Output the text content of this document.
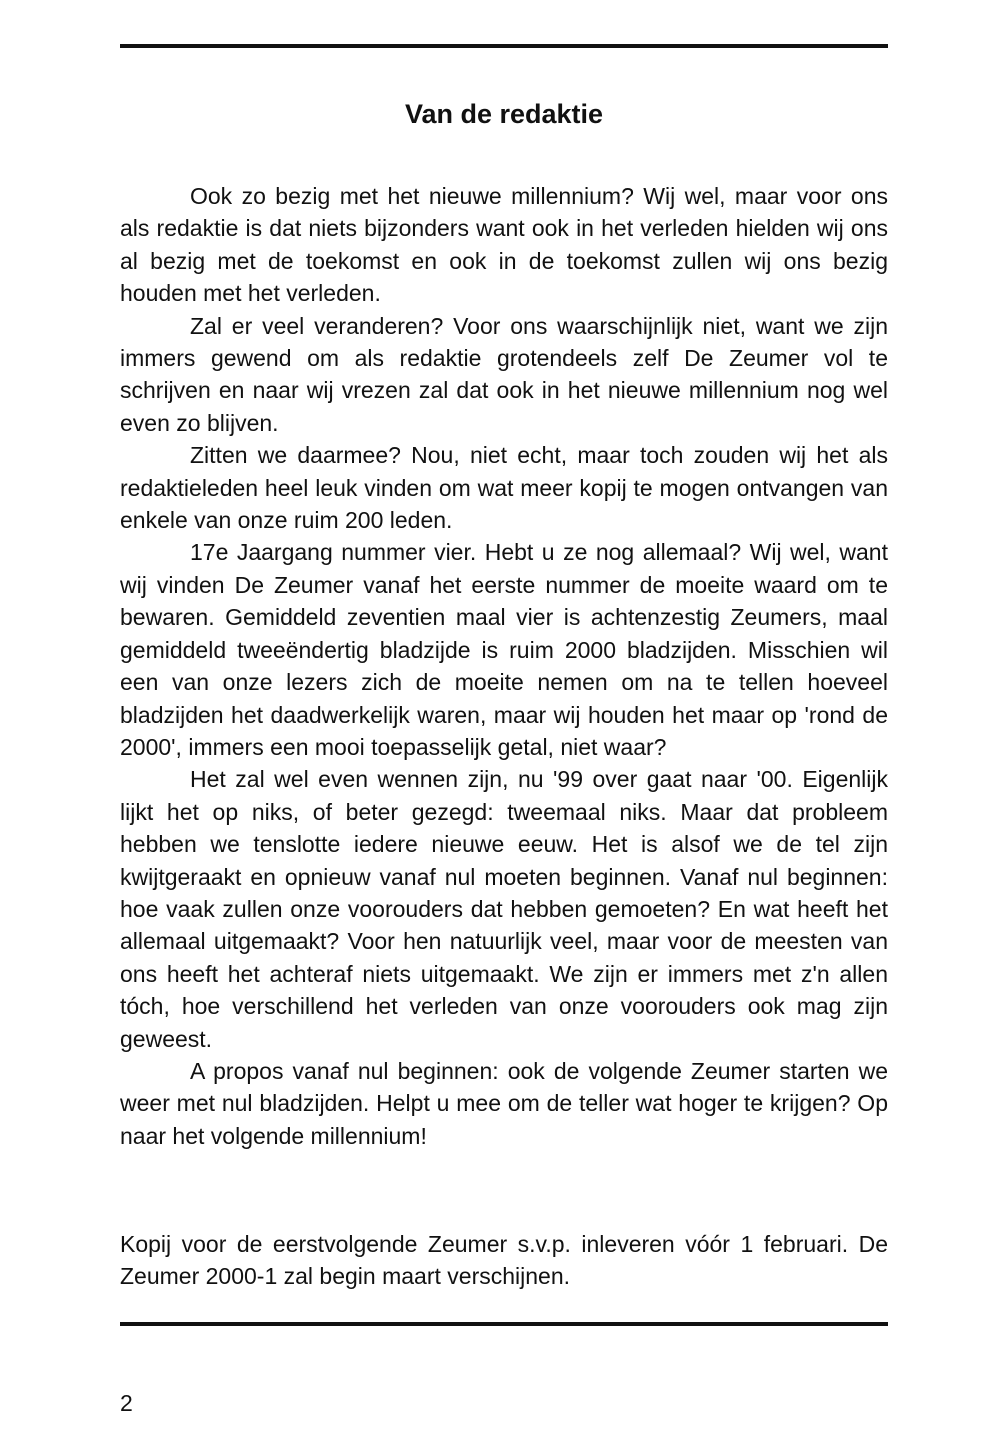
Van de redaktie

Ook zo bezig met het nieuwe millennium? Wij wel, maar voor ons als redaktie is dat niets bijzonders want ook in het verleden hielden wij ons al bezig met de toekomst en ook in de toekomst zullen wij ons bezig houden met het verleden.

Zal er veel veranderen? Voor ons waarschijnlijk niet, want we zijn immers gewend om als redaktie grotendeels zelf De Zeumer vol te schrijven en naar wij vrezen zal dat ook in het nieuwe millennium nog wel even zo blijven.

Zitten we daarmee? Nou, niet echt, maar toch zouden wij het als redaktieleden heel leuk vinden om wat meer kopij te mogen ontvangen van enkele van onze ruim 200 leden.

17e Jaargang nummer vier. Hebt u ze nog allemaal? Wij wel, want wij vinden De Zeumer vanaf het eerste nummer de moeite waard om te bewaren. Gemiddeld zeventien maal vier is achtenzestig Zeumers, maal gemiddeld tweeëndertig bladzijde is ruim 2000 bladzijden. Misschien wil een van onze lezers zich de moeite nemen om na te tellen hoeveel bladzijden het daadwerkelijk waren, maar wij houden het maar op 'rond de 2000', immers een mooi toepasselijk getal, niet waar?

Het zal wel even wennen zijn, nu '99 over gaat naar '00. Eigenlijk lijkt het op niks, of beter gezegd: tweemaal niks. Maar dat probleem hebben we tenslotte iedere nieuwe eeuw. Het is alsof we de tel zijn kwijtgeraakt en opnieuw vanaf nul moeten beginnen. Vanaf nul beginnen: hoe vaak zullen onze voorouders dat hebben gemoeten? En wat heeft het allemaal uitgemaakt? Voor hen natuurlijk veel, maar voor de meesten van ons heeft het achteraf niets uitgemaakt. We zijn er immers met z'n allen tóch, hoe verschillend het verleden van onze voorouders ook mag zijn geweest.

A propos vanaf nul beginnen: ook de volgende Zeumer starten we weer met nul bladzijden. Helpt u mee om de teller wat hoger te krijgen? Op naar het volgende millennium!

Kopij voor de eerstvolgende Zeumer s.v.p. inleveren vóór 1 februari. De Zeumer 2000-1 zal begin maart verschijnen.

2
